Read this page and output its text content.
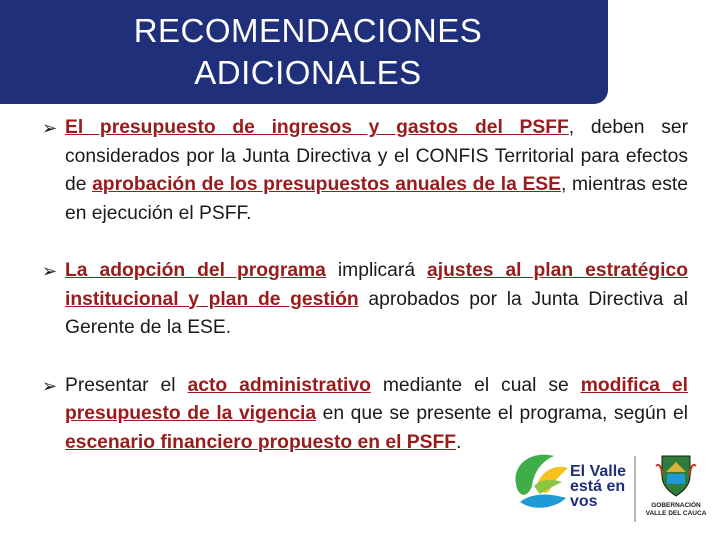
RECOMENDACIONES
ADICIONALES
➢ El presupuesto de ingresos y gastos del PSFF, deben ser considerados por la Junta Directiva y el CONFIS Territorial para efectos de aprobación de los presupuestos anuales de la ESE, mientras este en ejecución el PSFF.
➢ La adopción del programa implicará ajustes al plan estratégico institucional y plan de gestión aprobados por la Junta Directiva al Gerente de la ESE.
➢ Presentar el acto administrativo mediante el cual se modifica el presupuesto de la vigencia en que se presente el programa, según el escenario financiero propuesto en el PSFF.
El Valle
está en
vos	GOBERNACIÓN
VALLE DEL CAUCA
